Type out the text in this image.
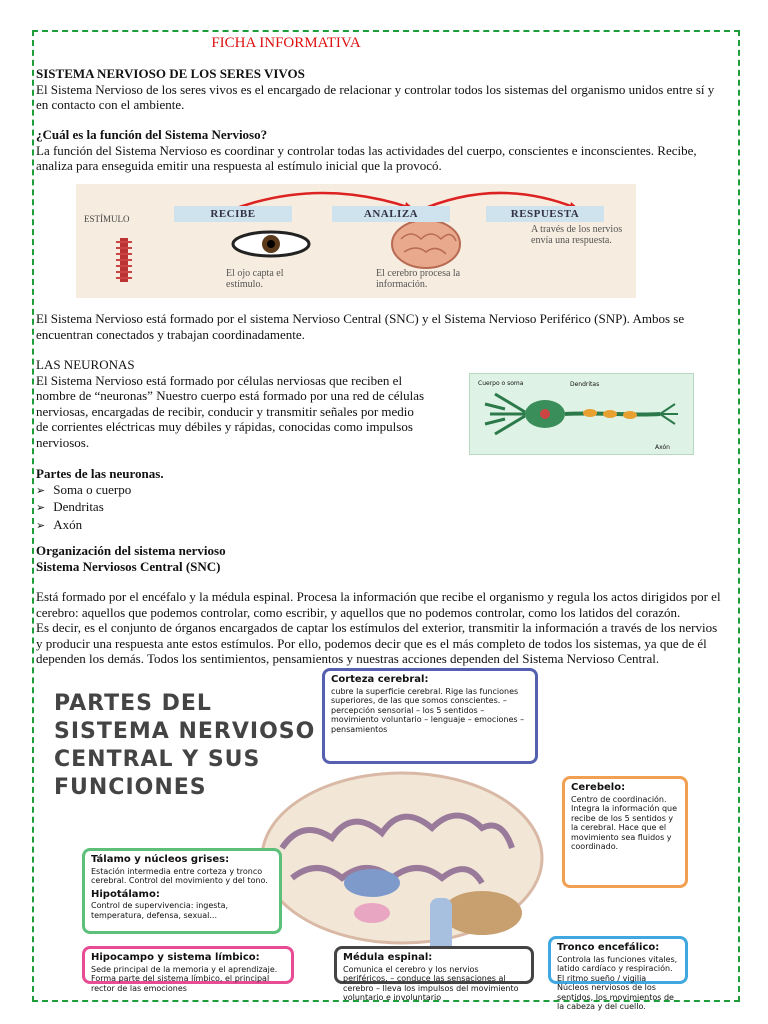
FICHA INFORMATIVA

SISTEMA NERVIOSO DE LOS SERES VIVOS

El Sistema Nervioso de los seres vivos es el encargado de relacionar y controlar todos los sistemas del organismo unidos entre sí y en contacto con el ambiente.

¿Cuál es la función del Sistema Nervioso?

La función del Sistema Nervioso es coordinar y controlar todas las actividades del cuerpo, conscientes e inconscientes. Recibe, analiza para enseguida emitir una respuesta al estímulo inicial que la provocó.

ESTÍMULO	RECIBE	ANALIZA	RESPUESTA
El ojo capta el estímulo.
El cerebro procesa la información.
A través de los nervios envía una respuesta.
El Sistema Nervioso está formado por el sistema Nervioso Central (SNC) y el Sistema Nervioso Periférico (SNP). Ambos se encuentran conectados y trabajan coordinadamente.

LAS NEURONAS

El Sistema Nervioso está formado por células nerviosas que reciben el nombre de “neuronas” Nuestro cuerpo está formado por una red de células nerviosas, encargadas de recibir, conducir y transmitir señales por medio de corrientes eléctricas muy débiles y rápidas, conocidas como impulsos nerviosos.

Cuerpo o soma	Dendritas
Axón

Partes de las neuronas.

➢ Soma o cuerpo
➢ Dendritas
➢ Axón

Organización del sistema nervioso

Sistema Nerviosos Central (SNC)

Está formado por el encéfalo y la médula espinal. Procesa la información que recibe el organismo y regula los actos dirigidos por el cerebro: aquellos que podemos controlar, como escribir, y aquellos que no podemos controlar, como los latidos del corazón.

Es decir, es el conjunto de órganos encargados de captar los estímulos del exterior, transmitir la información a través de los nervios y producir una respuesta ante estos estímulos. Por ello, podemos decir que es el más completo de todos los sistemas, ya que de él dependen los demás. Todos los sentimientos, pensamientos y nuestras acciones dependen del Sistema Nervioso Central.

PARTES DEL
SISTEMA NERVIOSO
CENTRAL Y SUS
FUNCIONES
Corteza cerebral:
cubre la superficie cerebral. Rige las funciones superiores, de las que somos conscientes. – percepción sensorial – los 5 sentidos – movimiento voluntario – lenguaje – emociones – pensamientos
Cerebelo:
Centro de coordinación. Integra la información que recibe de los 5 sentidos y la cerebral. Hace que el movimiento sea fluidos y coordinado.
Tálamo y núcleos grises:
Estación intermedia entre corteza y tronco cerebral. Control del movimiento y del tono.
Hipotálamo:
Control de supervivencia: ingesta, temperatura, defensa, sexual...
Hipocampo y sistema límbico:
Sede principal de la memoria y el aprendizaje. Forma parte del sistema límbico, el principal rector de las emociones
Médula espinal:
Comunica el cerebro y los nervios periféricos. – conduce las sensaciones al cerebro – lleva los impulsos del movimiento voluntario e involuntario
Tronco encefálico:
Controla las funciones vitales, latido cardíaco y respiración. El ritmo sueño / vigilia Núcleos nerviosos de los sentidos, los movimientos de la cabeza y del cuello.
